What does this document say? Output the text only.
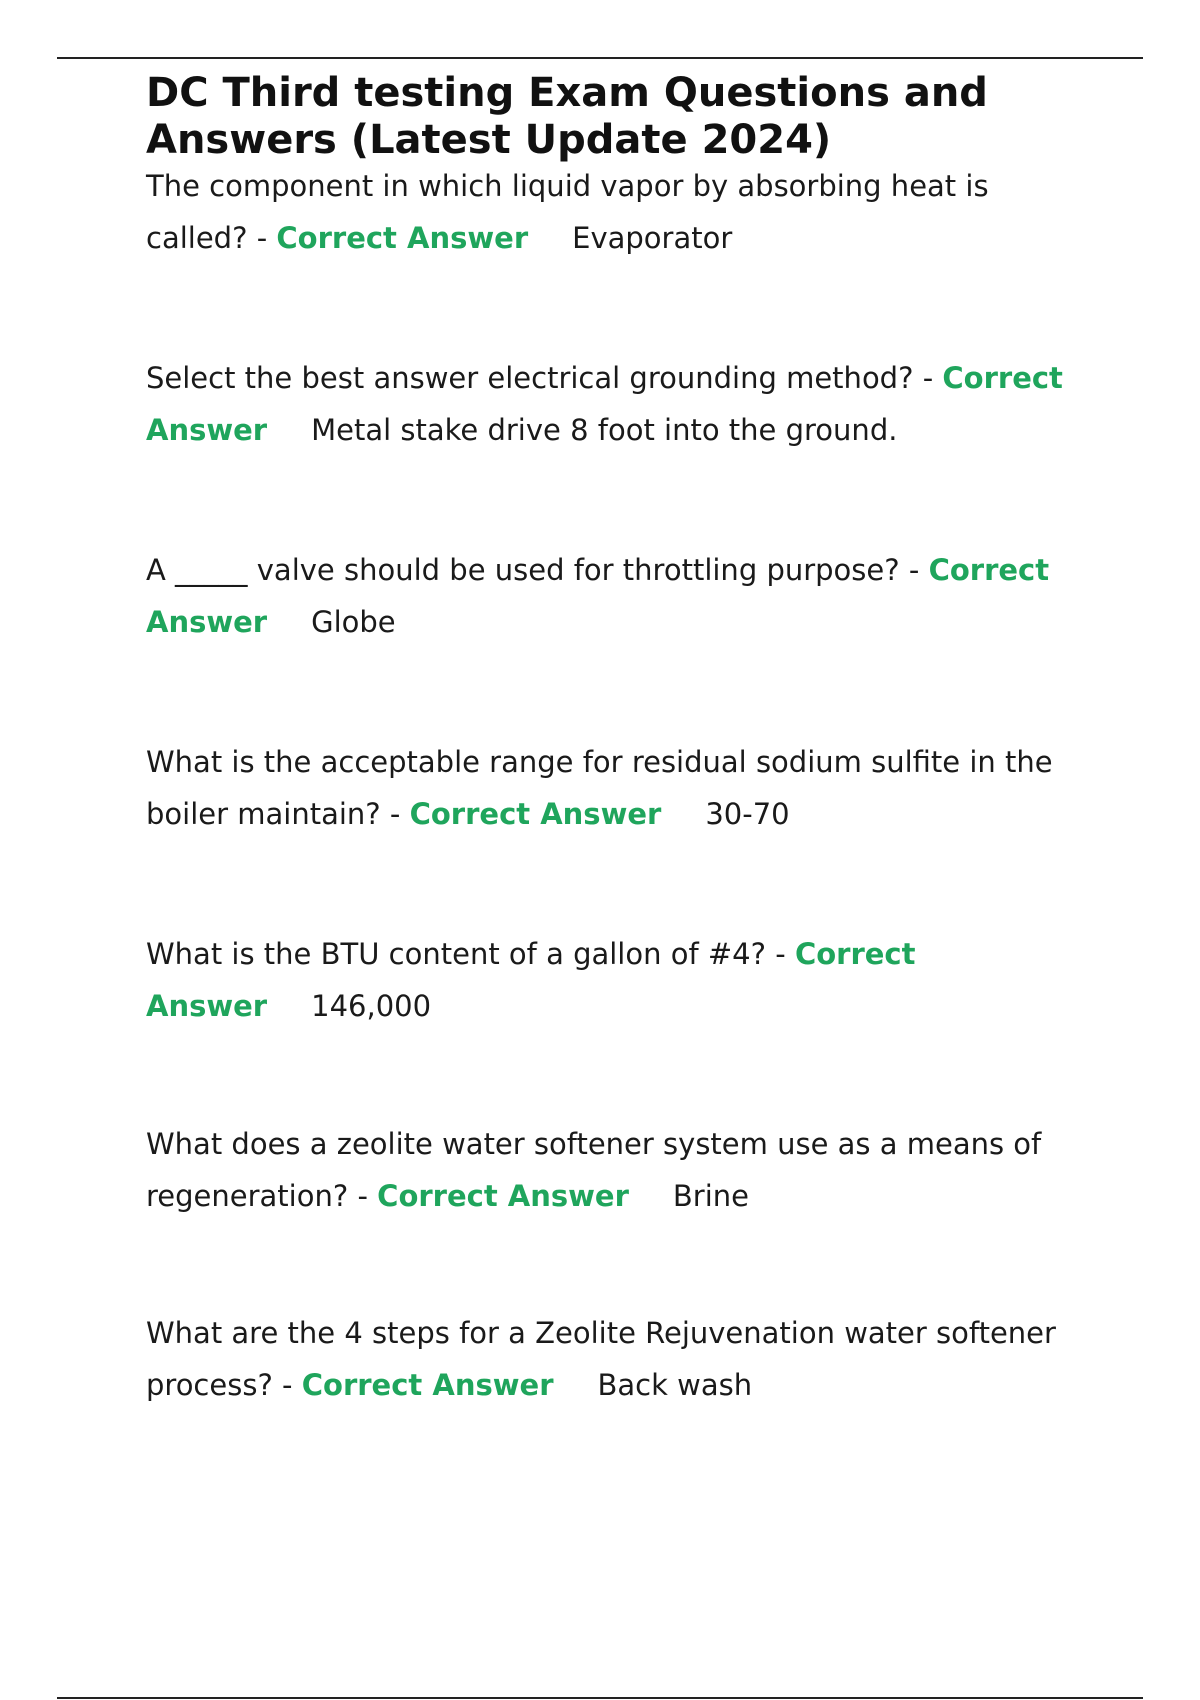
DC Third testing Exam Questions and Answers (Latest Update 2024)
The component in which liquid vapor by absorbing heat is called? - Correct Answer Evaporator
Select the best answer electrical grounding method? - Correct Answer Metal stake drive 8 foot into the ground.
A _____ valve should be used for throttling purpose? - Correct Answer Globe
What is the acceptable range for residual sodium sulfite in the boiler maintain? - Correct Answer 30-70
What is the BTU content of a gallon of #4? - Correct Answer 146,000
What does a zeolite water softener system use as a means of regeneration? - Correct Answer Brine
What are the 4 steps for a Zeolite Rejuvenation water softener process? - Correct Answer Back wash
